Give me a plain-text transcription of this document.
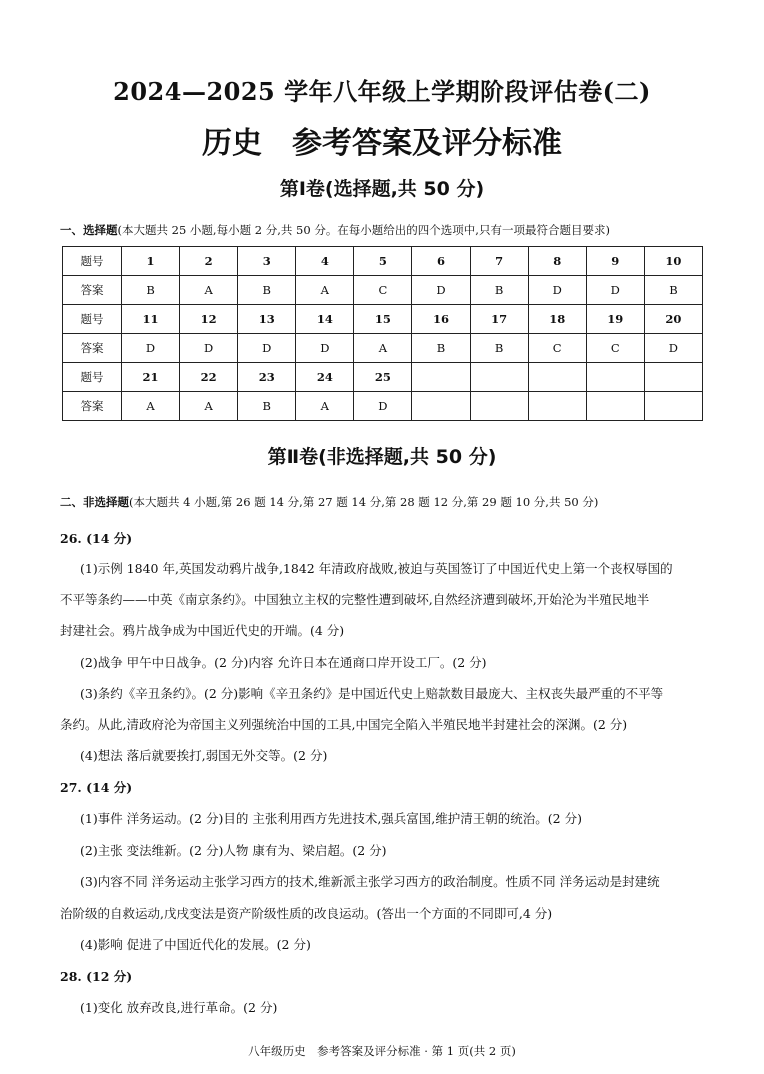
2024—2025 学年八年级上学期阶段评估卷(二)
历史　参考答案及评分标准
第Ⅰ卷(选择题,共 50 分)
一、选择题(本大题共 25 小题,每小题 2 分,共 50 分。在每小题给出的四个选项中,只有一项最符合题目要求)
题号	1	2	3	4	5	6	7	8	9	10
答案	B	A	B	A	C	D	B	D	D	B
题号	11	12	13	14	15	16	17	18	19	20
答案	D	D	D	D	A	B	B	C	C	D
题号	21	22	23	24	25					
答案	A	A	B	A	D					
第Ⅱ卷(非选择题,共 50 分)
二、非选择题(本大题共 4 小题,第 26 题 14 分,第 27 题 14 分,第 28 题 12 分,第 29 题 10 分,共 50 分)
26. (14 分)
(1)示例 1840 年,英国发动鸦片战争,1842 年清政府战败,被迫与英国签订了中国近代史上第一个丧权辱国的
不平等条约——中英《南京条约》。中国独立主权的完整性遭到破坏,自然经济遭到破坏,开始沦为半殖民地半
封建社会。鸦片战争成为中国近代史的开端。(4 分)
(2)战争 甲午中日战争。(2 分)内容 允许日本在通商口岸开设工厂。(2 分)
(3)条约《辛丑条约》。(2 分)影响《辛丑条约》是中国近代史上赔款数目最庞大、主权丧失最严重的不平等
条约。从此,清政府沦为帝国主义列强统治中国的工具,中国完全陷入半殖民地半封建社会的深渊。(2 分)
(4)想法 落后就要挨打,弱国无外交等。(2 分)
27. (14 分)
(1)事件 洋务运动。(2 分)目的 主张利用西方先进技术,强兵富国,维护清王朝的统治。(2 分)
(2)主张 变法维新。(2 分)人物 康有为、梁启超。(2 分)
(3)内容不同 洋务运动主张学习西方的技术,维新派主张学习西方的政治制度。性质不同 洋务运动是封建统
治阶级的自救运动,戊戌变法是资产阶级性质的改良运动。(答出一个方面的不同即可,4 分)
(4)影响 促进了中国近代化的发展。(2 分)
28. (12 分)
(1)变化 放弃改良,进行革命。(2 分)
八年级历史　参考答案及评分标准 · 第 1 页(共 2 页)
